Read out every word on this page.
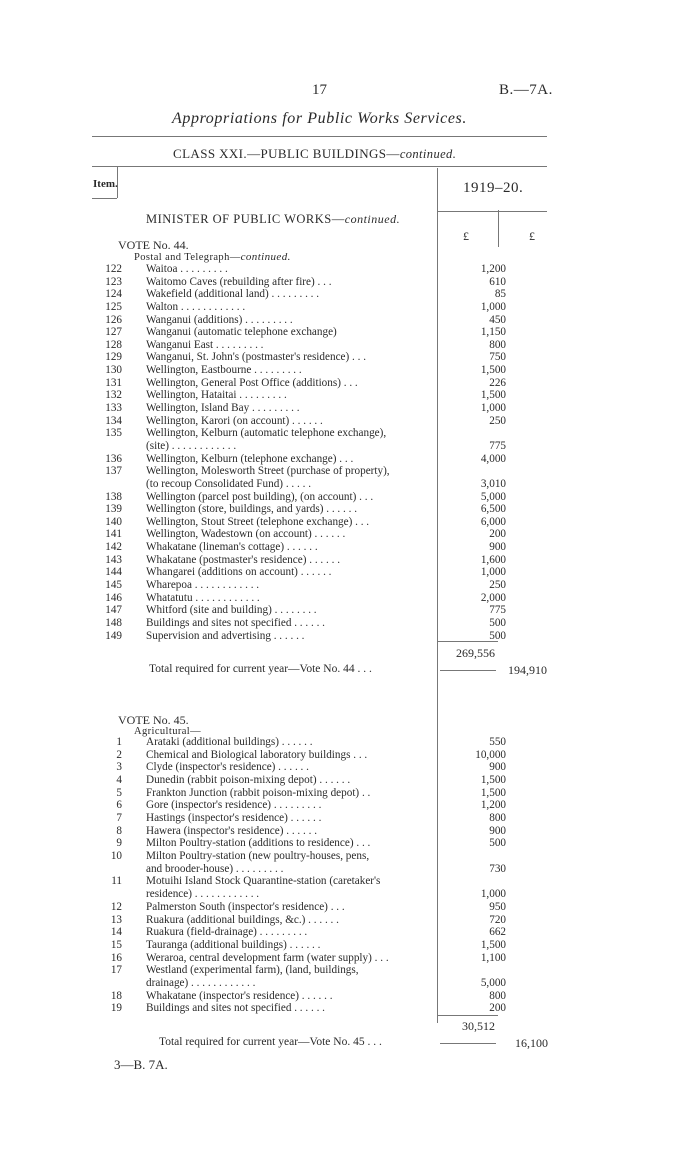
17	B.—7A.
Appropriations for Public Works Services.
CLASS XXI.—PUBLIC BUILDINGS—continued.
Item.	1919–20.
£	£
MINISTER OF PUBLIC WORKS—continued.
VOTE No. 44.
Postal and Telegraph—continued.
122 Waitoa . . . . . . . . .	1,200
123 Waitomo Caves (rebuilding after fire) . . .	610
124 Wakefield (additional land) . . . . . . . . .	85
125 Walton . . . . . . . . . . . .	1,000
126 Wanganui (additions) . . . . . . . . .	450
127 Wanganui (automatic telephone exchange)	1,150
128 Wanganui East . . . . . . . . .	800
129 Wanganui, St. John's (postmaster's residence) . . .	750
130 Wellington, Eastbourne . . . . . . . . .	1,500
131 Wellington, General Post Office (additions) . . .	226
132 Wellington, Hataitai . . . . . . . . .	1,500
133 Wellington, Island Bay . . . . . . . . .	1,000
134 Wellington, Karori (on account) . . . . . .	250
135 Wellington, Kelburn (automatic telephone exchange),
(site) . . . . . . . . . . . .	775
136 Wellington, Kelburn (telephone exchange) . . .	4,000
137 Wellington, Molesworth Street (purchase of property),
(to recoup Consolidated Fund) . . . . .	3,010
138 Wellington (parcel post building), (on account) . . .	5,000
139 Wellington (store, buildings, and yards) . . . . . .	6,500
140 Wellington, Stout Street (telephone exchange) . . .	6,000
141 Wellington, Wadestown (on account) . . . . . .	200
142 Whakatane (lineman's cottage) . . . . . .	900
143 Whakatane (postmaster's residence) . . . . . .	1,600
144 Whangarei (additions on account) . . . . . .	1,000
145 Wharepoa . . . . . . . . . . . .	250
146 Whatatutu . . . . . . . . . . . .	2,000
147 Whitford (site and building) . . . . . . . .	775
148 Buildings and sites not specified . . . . . .	500
149 Supervision and advertising . . . . . .	500
269,556
Total required for current year—Vote No. 44 . . .	194,910
VOTE No. 45.
Agricultural—
1 Arataki (additional buildings) . . . . . .	550
2 Chemical and Biological laboratory buildings . . .	10,000
3 Clyde (inspector's residence) . . . . . .	900
4 Dunedin (rabbit poison-mixing depot) . . . . . .	1,500
5 Frankton Junction (rabbit poison-mixing depot) . .	1,500
6 Gore (inspector's residence) . . . . . . . . .	1,200
7 Hastings (inspector's residence) . . . . . .	800
8 Hawera (inspector's residence) . . . . . .	900
9 Milton Poultry-station (additions to residence) . . .	500
10 Milton Poultry-station (new poultry-houses, pens,
and brooder-house) . . . . . . . . .	730
11 Motuihi Island Stock Quarantine-station (caretaker's
residence) . . . . . . . . . . . .	1,000
12 Palmerston South (inspector's residence) . . .	950
13 Ruakura (additional buildings, &c.) . . . . . .	720
14 Ruakura (field-drainage) . . . . . . . . .	662
15 Tauranga (additional buildings) . . . . . .	1,500
16 Weraroa, central development farm (water supply) . . .	1,100
17 Westland (experimental farm), (land, buildings,
drainage) . . . . . . . . . . . .	5,000
18 Whakatane (inspector's residence) . . . . . .	800
19 Buildings and sites not specified . . . . . .	200
30,512
Total required for current year—Vote No. 45 . . .	16,100
3—B. 7A.
